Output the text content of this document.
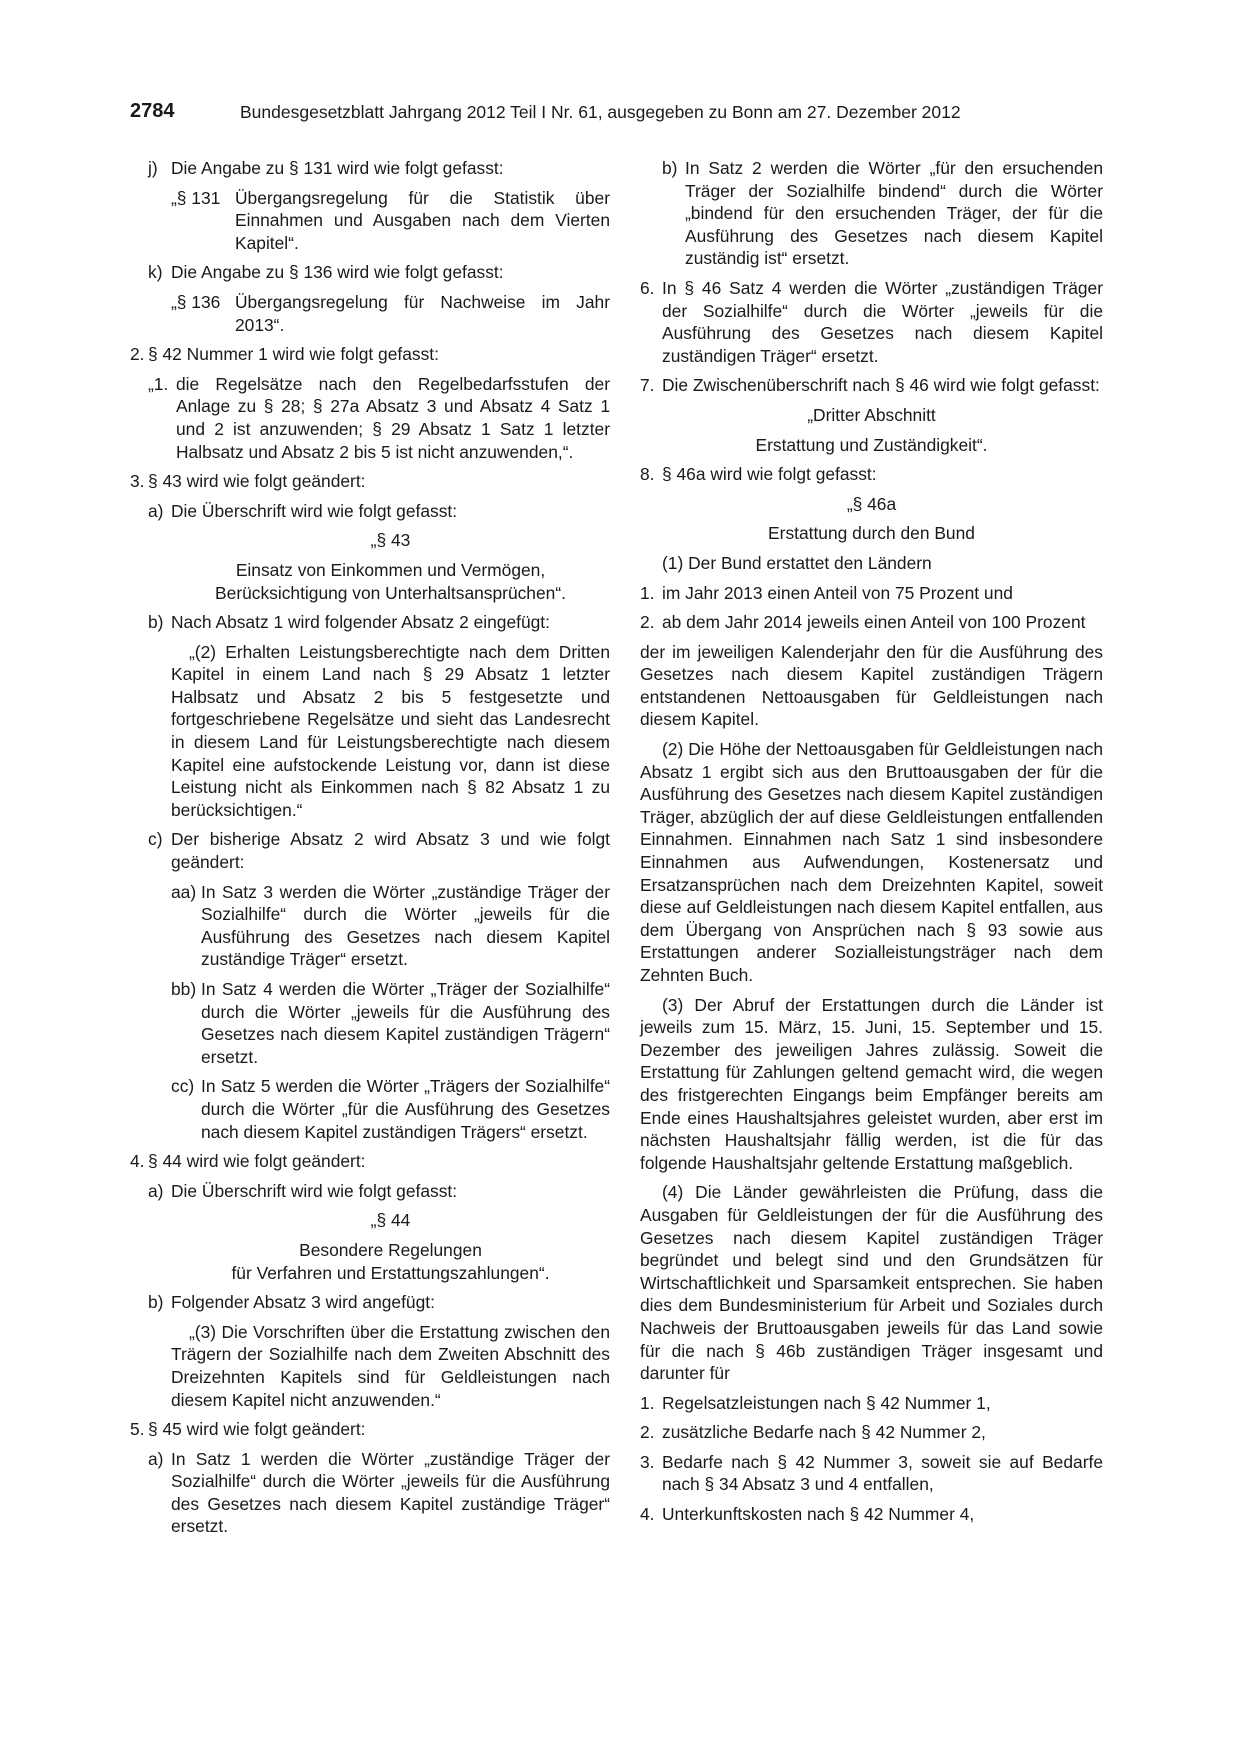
2784	Bundesgesetzblatt Jahrgang 2012 Teil I Nr. 61, ausgegeben zu Bonn am 27. Dezember 2012
j) Die Angabe zu § 131 wird wie folgt gefasst:
„§ 131 Übergangsregelung für die Statistik über Einnahmen und Ausgaben nach dem Vierten Kapitel“.
k) Die Angabe zu § 136 wird wie folgt gefasst:
„§ 136 Übergangsregelung für Nachweise im Jahr 2013“.
2. § 42 Nummer 1 wird wie folgt gefasst:
„1. die Regelsätze nach den Regelbedarfsstufen der Anlage zu § 28; § 27a Absatz 3 und Absatz 4 Satz 1 und 2 ist anzuwenden; § 29 Absatz 1 Satz 1 letzter Halbsatz und Absatz 2 bis 5 ist nicht anzuwenden,“.
3. § 43 wird wie folgt geändert:
a) Die Überschrift wird wie folgt gefasst:
„§ 43
Einsatz von Einkommen und Vermögen,
Berücksichtigung von Unterhaltsansprüchen“.
b) Nach Absatz 1 wird folgender Absatz 2 eingefügt:
„(2) Erhalten Leistungsberechtigte nach dem Dritten Kapitel in einem Land nach § 29 Absatz 1 letzter Halbsatz und Absatz 2 bis 5 festgesetzte und fortgeschriebene Regelsätze und sieht das Landesrecht in diesem Land für Leistungsberechtigte nach diesem Kapitel eine aufstockende Leistung vor, dann ist diese Leistung nicht als Einkommen nach § 82 Absatz 1 zu berücksichtigen.“
c) Der bisherige Absatz 2 wird Absatz 3 und wie folgt geändert:
aa) In Satz 3 werden die Wörter „zuständige Träger der Sozialhilfe“ durch die Wörter „jeweils für die Ausführung des Gesetzes nach diesem Kapitel zuständige Träger“ ersetzt.
bb) In Satz 4 werden die Wörter „Träger der Sozialhilfe“ durch die Wörter „jeweils für die Ausführung des Gesetzes nach diesem Kapitel zuständigen Trägern“ ersetzt.
cc) In Satz 5 werden die Wörter „Trägers der Sozialhilfe“ durch die Wörter „für die Ausführung des Gesetzes nach diesem Kapitel zuständigen Trägers“ ersetzt.
4. § 44 wird wie folgt geändert:
a) Die Überschrift wird wie folgt gefasst:
„§ 44
Besondere Regelungen
für Verfahren und Erstattungszahlungen“.
b) Folgender Absatz 3 wird angefügt:
„(3) Die Vorschriften über die Erstattung zwischen den Trägern der Sozialhilfe nach dem Zweiten Abschnitt des Dreizehnten Kapitels sind für Geldleistungen nach diesem Kapitel nicht anzuwenden.“
5. § 45 wird wie folgt geändert:
a) In Satz 1 werden die Wörter „zuständige Träger der Sozialhilfe“ durch die Wörter „jeweils für die Ausführung des Gesetzes nach diesem Kapitel zuständige Träger“ ersetzt.
b) In Satz 2 werden die Wörter „für den ersuchenden Träger der Sozialhilfe bindend“ durch die Wörter „bindend für den ersuchenden Träger, der für die Ausführung des Gesetzes nach diesem Kapitel zuständig ist“ ersetzt.
6. In § 46 Satz 4 werden die Wörter „zuständigen Träger der Sozialhilfe“ durch die Wörter „jeweils für die Ausführung des Gesetzes nach diesem Kapitel zuständigen Träger“ ersetzt.
7. Die Zwischenüberschrift nach § 46 wird wie folgt gefasst:
„Dritter Abschnitt
Erstattung und Zuständigkeit“.
8. § 46a wird wie folgt gefasst:
„§ 46a
Erstattung durch den Bund
(1) Der Bund erstattet den Ländern
1. im Jahr 2013 einen Anteil von 75 Prozent und
2. ab dem Jahr 2014 jeweils einen Anteil von 100 Prozent
der im jeweiligen Kalenderjahr den für die Ausführung des Gesetzes nach diesem Kapitel zuständigen Trägern entstandenen Nettoausgaben für Geldleistungen nach diesem Kapitel.
(2) Die Höhe der Nettoausgaben für Geldleistungen nach Absatz 1 ergibt sich aus den Bruttoausgaben der für die Ausführung des Gesetzes nach diesem Kapitel zuständigen Träger, abzüglich der auf diese Geldleistungen entfallenden Einnahmen. Einnahmen nach Satz 1 sind insbesondere Einnahmen aus Aufwendungen, Kostenersatz und Ersatzansprüchen nach dem Dreizehnten Kapitel, soweit diese auf Geldleistungen nach diesem Kapitel entfallen, aus dem Übergang von Ansprüchen nach § 93 sowie aus Erstattungen anderer Sozialleistungsträger nach dem Zehnten Buch.
(3) Der Abruf der Erstattungen durch die Länder ist jeweils zum 15. März, 15. Juni, 15. September und 15. Dezember des jeweiligen Jahres zulässig. Soweit die Erstattung für Zahlungen geltend gemacht wird, die wegen des fristgerechten Eingangs beim Empfänger bereits am Ende eines Haushaltsjahres geleistet wurden, aber erst im nächsten Haushaltsjahr fällig werden, ist die für das folgende Haushaltsjahr geltende Erstattung maßgeblich.
(4) Die Länder gewährleisten die Prüfung, dass die Ausgaben für Geldleistungen der für die Ausführung des Gesetzes nach diesem Kapitel zuständigen Träger begründet und belegt sind und den Grundsätzen für Wirtschaftlichkeit und Sparsamkeit entsprechen. Sie haben dies dem Bundesministerium für Arbeit und Soziales durch Nachweis der Bruttoausgaben jeweils für das Land sowie für die nach § 46b zuständigen Träger insgesamt und darunter für
1. Regelsatzleistungen nach § 42 Nummer 1,
2. zusätzliche Bedarfe nach § 42 Nummer 2,
3. Bedarfe nach § 42 Nummer 3, soweit sie auf Bedarfe nach § 34 Absatz 3 und 4 entfallen,
4. Unterkunftskosten nach § 42 Nummer 4,
